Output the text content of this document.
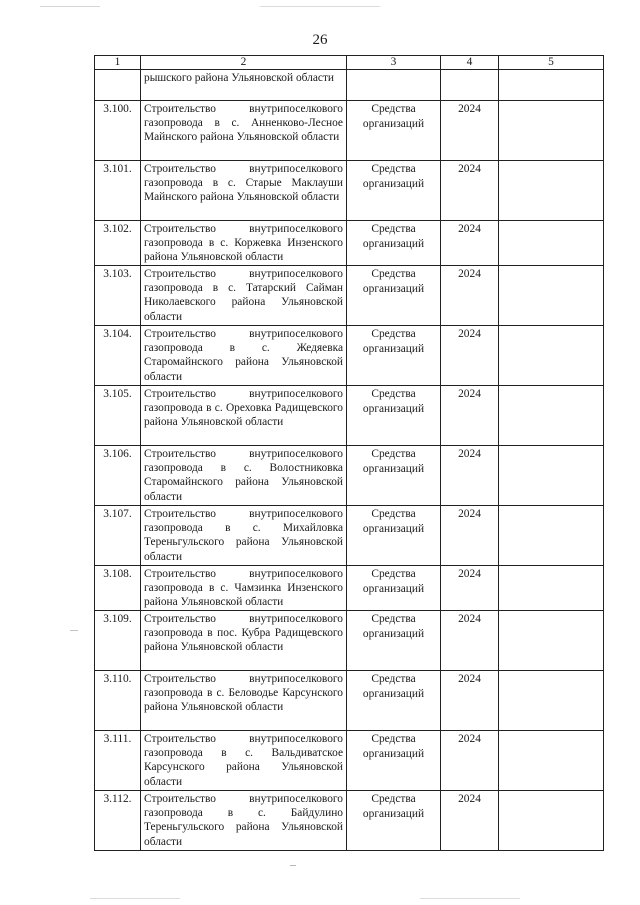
26
1	2	3	4	5
	рышского района Ульяновской области			
3.100.	Строительство внутрипоселкового газопровода в с. Анненково-Лесное Майнского района Ульяновской области	Средства организаций	2024	
3.101.	Строительство внутрипоселкового газопровода в с. Старые Маклауши Майнского района Ульяновской области	Средства организаций	2024	
3.102.	Строительство внутрипоселкового газопровода в с. Коржевка Инзенского района Ульяновской области	Средства организаций	2024	
3.103.	Строительство внутрипоселкового газопровода в с. Татарский Сайман Николаевского района Ульяновской области	Средства организаций	2024	
3.104.	Строительство внутрипоселкового газопровода в с. Жедяевка Старомайнского района Ульяновской области	Средства организаций	2024	
3.105.	Строительство внутрипоселкового газопровода в с. Ореховка Радищевского района Ульяновской области	Средства организаций	2024	
3.106.	Строительство внутрипоселкового газопровода в с. Волостниковка Старомайнского района Ульяновской области	Средства организаций	2024	
3.107.	Строительство внутрипоселкового газопровода в с. Михайловка Тереньгульского района Ульяновской области	Средства организаций	2024	
3.108.	Строительство внутрипоселкового газопровода в с. Чамзинка Инзенского района Ульяновской области	Средства организаций	2024	
3.109.	Строительство внутрипоселкового газопровода в пос. Кубра Радищевского района Ульяновской области	Средства организаций	2024	
3.110.	Строительство внутрипоселкового газопровода в с. Беловодье Карсунского района Ульяновской области	Средства организаций	2024	
3.111.	Строительство внутрипоселкового газопровода в с. Вальдиватское Карсунского района Ульяновской области	Средства организаций	2024	
3.112.	Строительство внутрипоселкового газопровода в с. Байдулино Тереньгульского района Ульяновской области	Средства организаций	2024	
